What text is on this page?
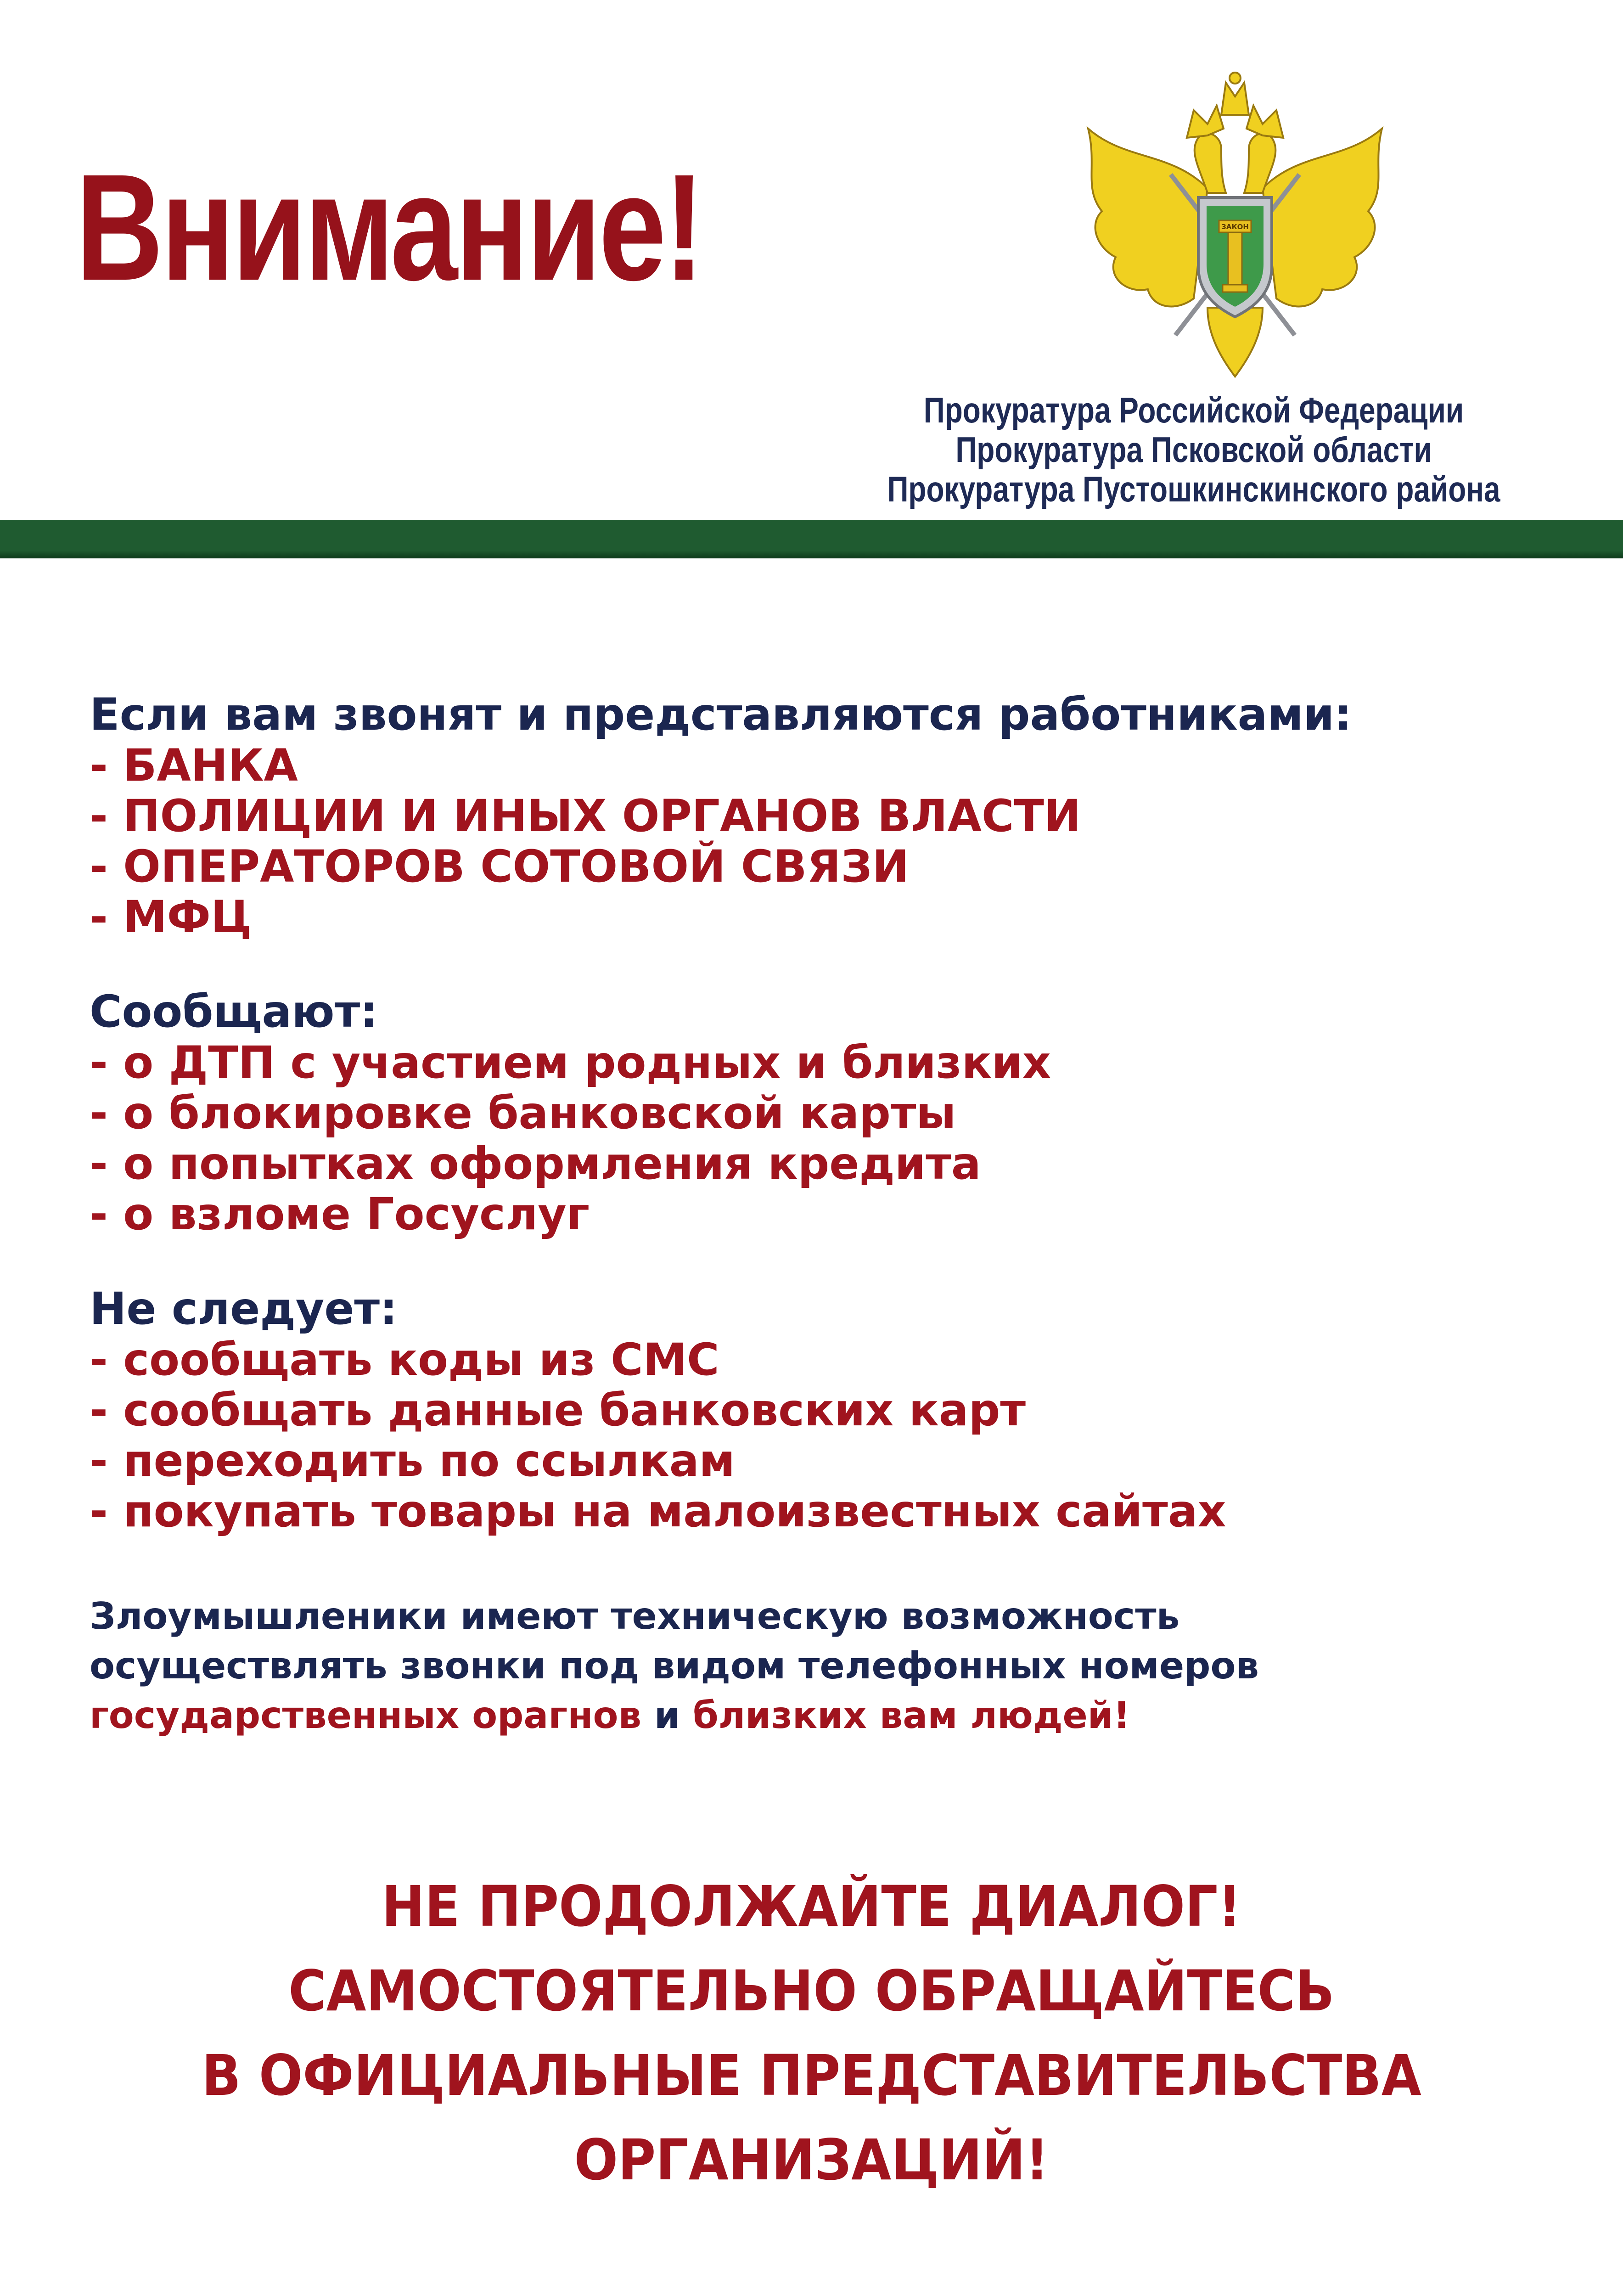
Внимание!	ЗАКОН
Прокуратура Российской Федерации
Прокуратура Псковской области
Прокуратура Пустошкинскинского района
Если вам звонят и представляются работниками:
- БАНКА
- ПОЛИЦИИ И ИНЫХ ОРГАНОВ ВЛАСТИ
- ОПЕРАТОРОВ СОТОВОЙ СВЯЗИ
- МФЦ
Сообщают:
- о ДТП с участием родных и близких
- о блокировке банковской карты
- о попытках оформления кредита
- о взломе Госуслуг
Не следует:
- сообщать коды из СМС
- сообщать данные банковских карт
- переходить по ссылкам
- покупать товары на малоизвестных сайтах
Злоумышленики имеют техническую возможность
осуществлять звонки под видом телефонных номеров
государственных орагнов и близких вам людей!
НЕ ПРОДОЛЖАЙТЕ ДИАЛОГ!
САМОСТОЯТЕЛЬНО ОБРАЩАЙТЕСЬ
В ОФИЦИАЛЬНЫЕ ПРЕДСТАВИТЕЛЬСТВА
ОРГАНИЗАЦИЙ!
